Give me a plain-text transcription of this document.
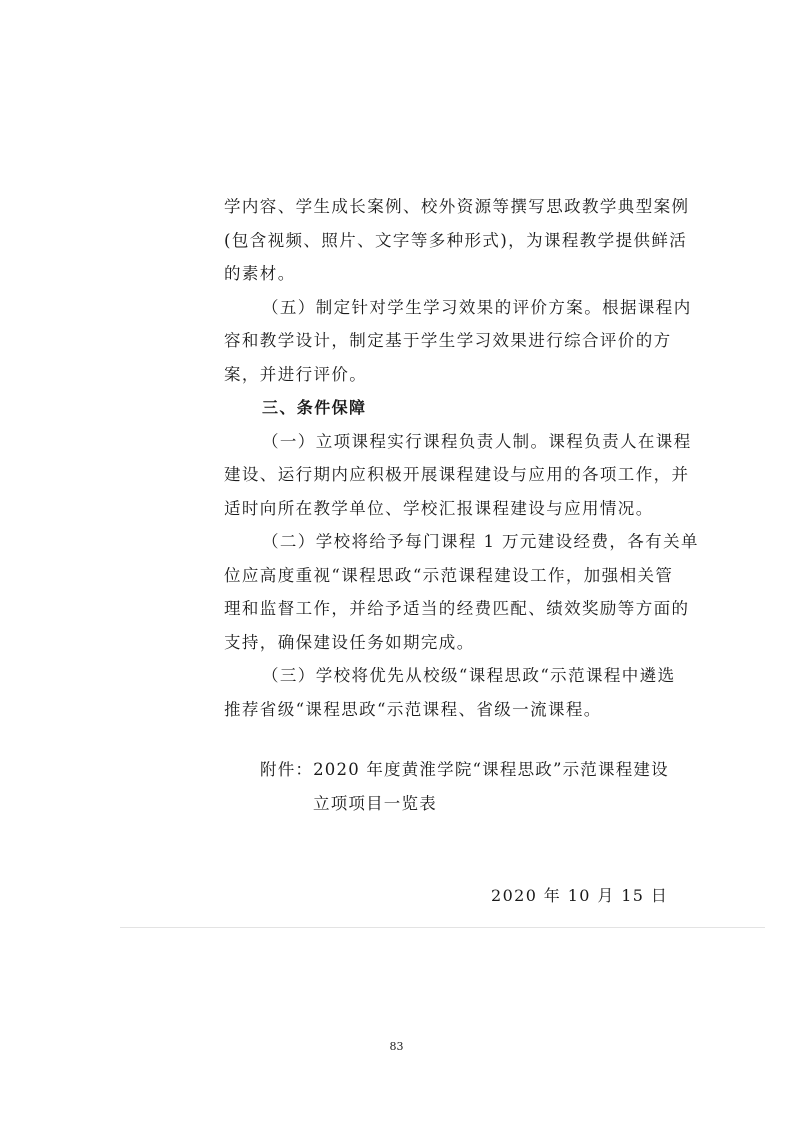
学内容、学生成长案例、校外资源等撰写思政教学典型案例
(包含视频、照片、文字等多种形式)，为课程教学提供鲜活
的素材。
（五）制定针对学生学习效果的评价方案。根据课程内
容和教学设计，制定基于学生学习效果进行综合评价的方
案，并进行评价。
三、条件保障
（一）立项课程实行课程负责人制。课程负责人在课程
建设、运行期内应积极开展课程建设与应用的各项工作，并
适时向所在教学单位、学校汇报课程建设与应用情况。
（二）学校将给予每门课程 1 万元建设经费，各有关单
位应高度重视“课程思政“示范课程建设工作，加强相关管
理和监督工作，并给予适当的经费匹配、绩效奖励等方面的
支持，确保建设任务如期完成。
（三）学校将优先从校级“课程思政“示范课程中遴选
推荐省级“课程思政“示范课程、省级一流课程。
附件：2020 年度黄淮学院“课程思政”示范课程建设
立项项目一览表
2020 年 10 月 15 日
83
